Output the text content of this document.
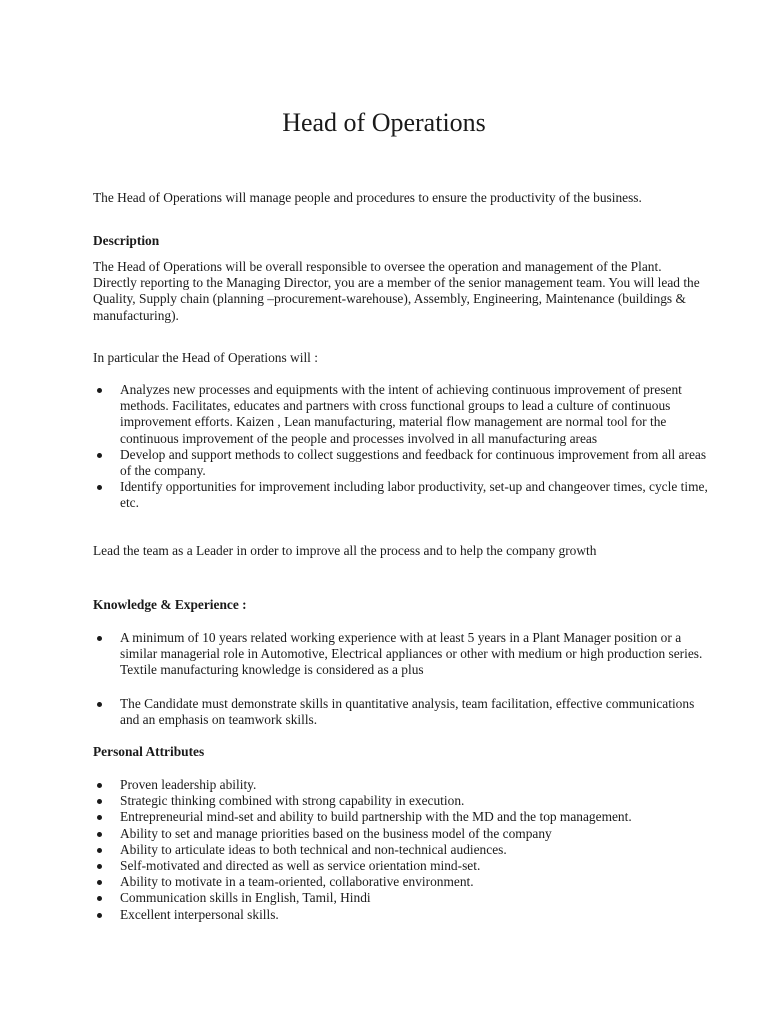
Head of Operations

The Head of Operations will manage people and procedures to ensure the productivity of the business.

Description

The Head of Operations will be overall responsible to oversee the operation and management of the Plant. Directly reporting to the Managing Director, you are a member of the senior management team. You will lead the Quality, Supply chain (planning –procurement-warehouse), Assembly, Engineering, Maintenance (buildings & manufacturing).

In particular the Head of Operations will :

Analyzes new processes and equipments with the intent of achieving continuous improvement of present methods. Facilitates, educates and partners with cross functional groups to lead a culture of continuous improvement efforts. Kaizen , Lean manufacturing, material flow management are normal tool for the continuous improvement of the people and processes involved in all manufacturing areas
Develop and support methods to collect suggestions and feedback for continuous improvement from all areas of the company.
Identify opportunities for improvement including labor productivity, set-up and changeover times, cycle time, etc.

Lead the team as a Leader in order to improve all the process and to help the company growth

Knowledge & Experience :

A minimum of 10 years related working experience with at least 5 years in a Plant Manager position or a similar managerial role in Automotive, Electrical appliances or other with medium or high production series. Textile manufacturing knowledge is considered as a plus
The Candidate must demonstrate skills in quantitative analysis, team facilitation, effective communications and an emphasis on teamwork skills.

Personal Attributes

Proven leadership ability.
Strategic thinking combined with strong capability in execution.
Entrepreneurial mind-set and ability to build partnership with the MD and the top management.
Ability to set and manage priorities based on the business model of the company
Ability to articulate ideas to both technical and non-technical audiences.
Self-motivated and directed as well as service orientation mind-set.
Ability to motivate in a team-oriented, collaborative environment.
Communication skills in English, Tamil, Hindi
Excellent interpersonal skills.
